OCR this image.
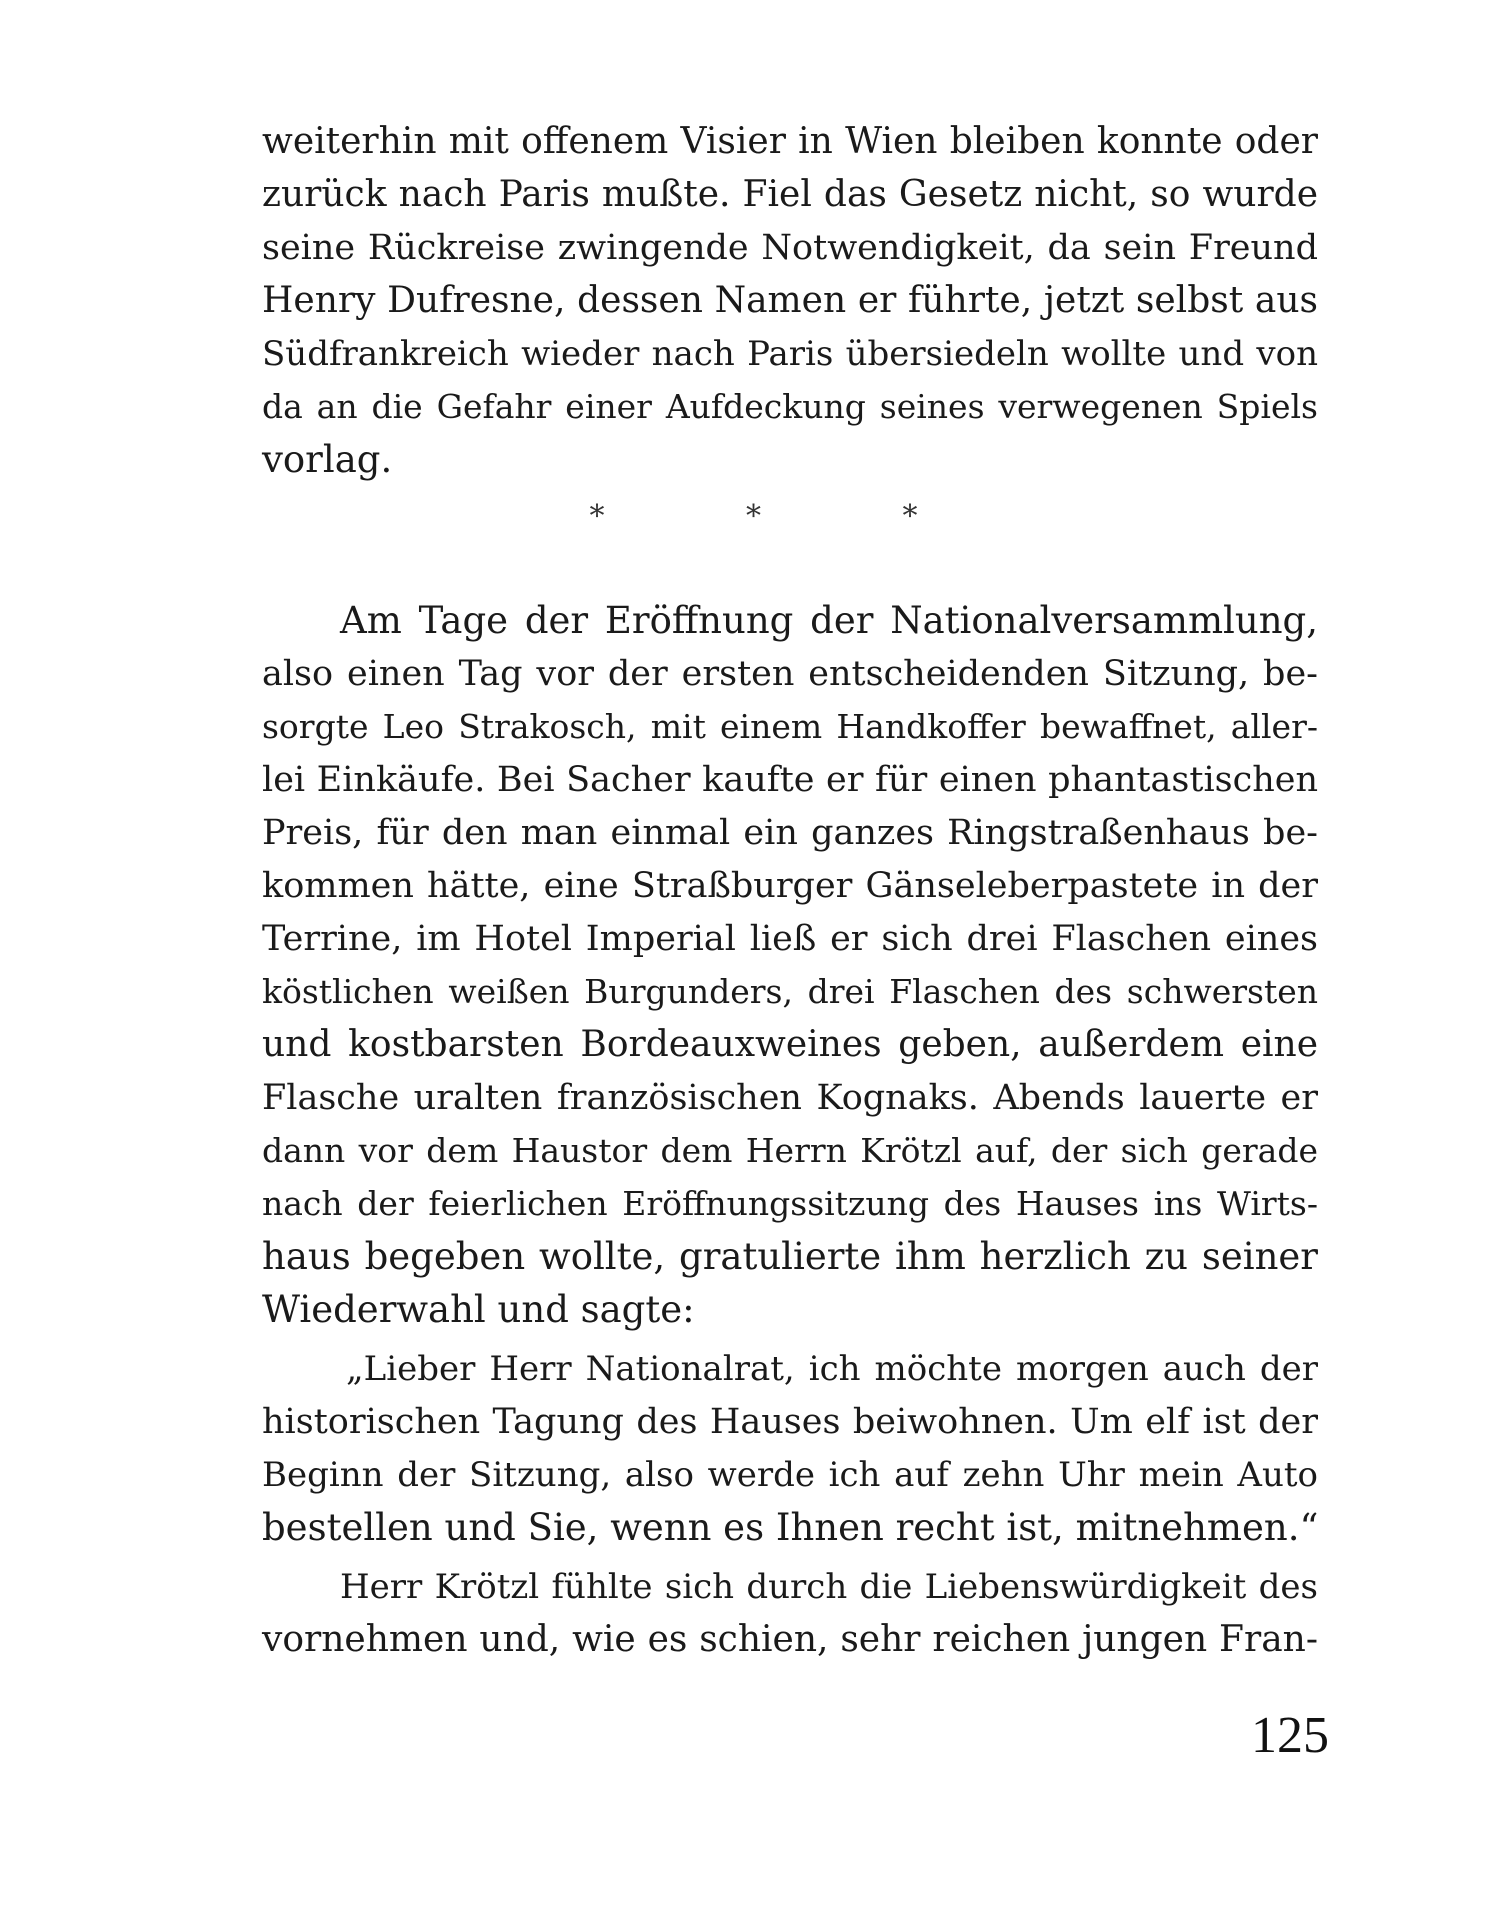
weiterhin mit offenem Visier in Wien bleiben konnte oder
zurück nach Paris mußte. Fiel das Gesetz nicht, so wurde
seine Rückreise zwingende Notwendigkeit, da sein Freund
Henry Dufresne, dessen Namen er führte, jetzt selbst aus
Südfrankreich wieder nach Paris übersiedeln wollte und von
da an die Gefahr einer Aufdeckung seines verwegenen Spiels
vorlag.
* * *
Am Tage der Eröffnung der Nationalversammlung,
also einen Tag vor der ersten entscheidenden Sitzung, be-
sorgte Leo Strakosch, mit einem Handkoffer bewaffnet, aller-
lei Einkäufe. Bei Sacher kaufte er für einen phantastischen
Preis, für den man einmal ein ganzes Ringstraßenhaus be-
kommen hätte, eine Straßburger Gänseleberpastete in der
Terrine, im Hotel Imperial ließ er sich drei Flaschen eines
köstlichen weißen Burgunders, drei Flaschen des schwersten
und kostbarsten Bordeauxweines geben, außerdem eine
Flasche uralten französischen Kognaks. Abends lauerte er
dann vor dem Haustor dem Herrn Krötzl auf, der sich gerade
nach der feierlichen Eröffnungssitzung des Hauses ins Wirts-
haus begeben wollte, gratulierte ihm herzlich zu seiner
Wiederwahl und sagte:
„Lieber Herr Nationalrat, ich möchte morgen auch der
historischen Tagung des Hauses beiwohnen. Um elf ist der
Beginn der Sitzung, also werde ich auf zehn Uhr mein Auto
bestellen und Sie, wenn es Ihnen recht ist, mitnehmen.“
Herr Krötzl fühlte sich durch die Liebenswürdigkeit des
vornehmen und, wie es schien, sehr reichen jungen Fran-
125
